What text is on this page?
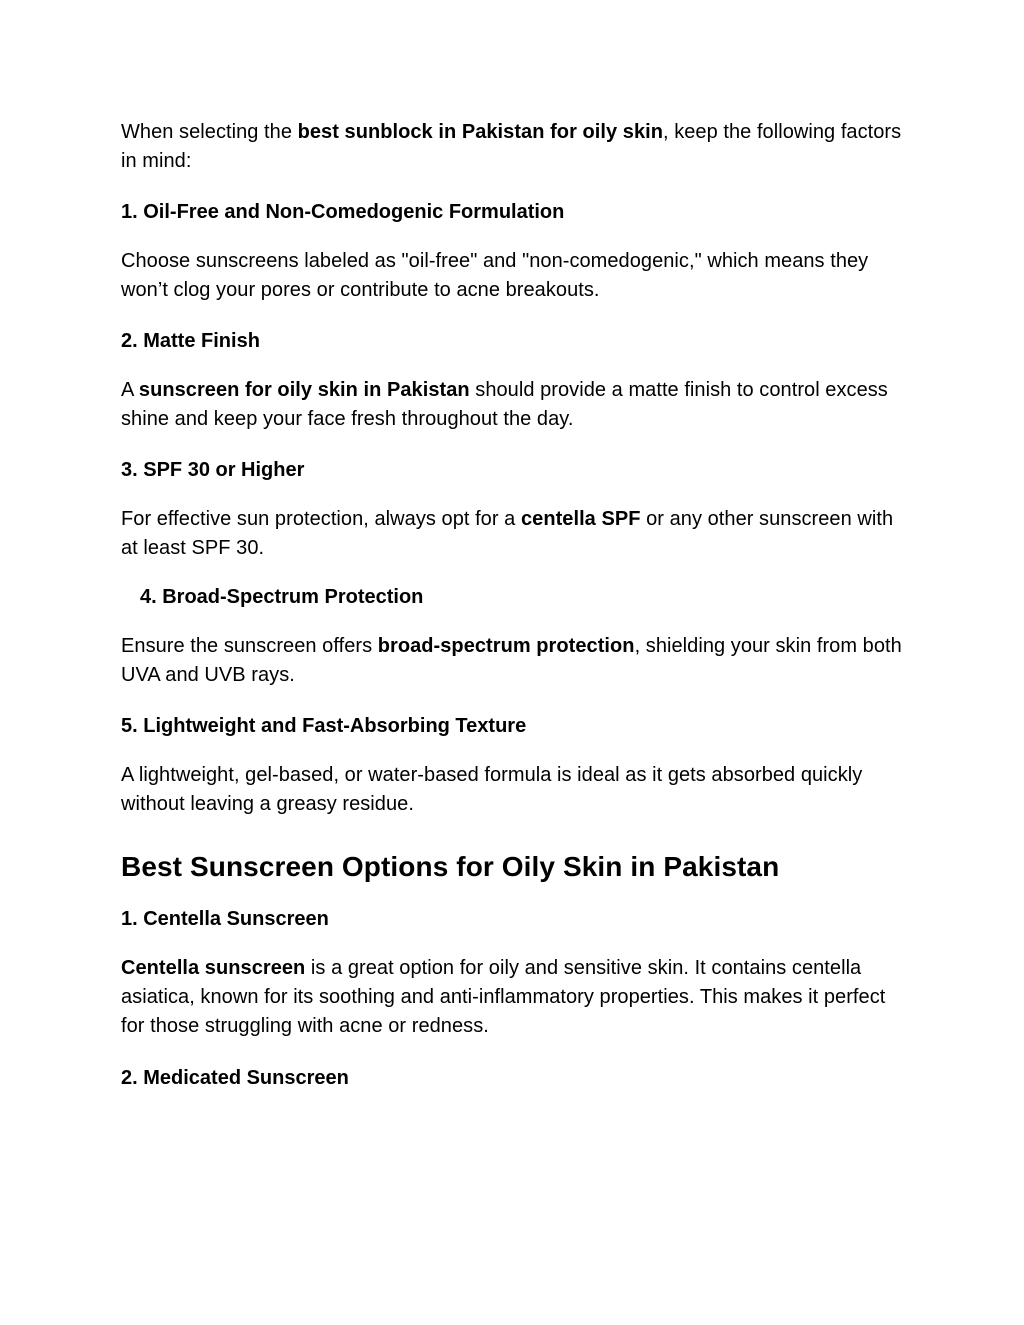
When selecting the best sunblock in Pakistan for oily skin, keep the following factors in mind:

1. Oil-Free and Non-Comedogenic Formulation

Choose sunscreens labeled as "oil-free" and "non-comedogenic," which means they won’t clog your pores or contribute to acne breakouts.

2. Matte Finish

A sunscreen for oily skin in Pakistan should provide a matte finish to control excess shine and keep your face fresh throughout the day.

3. SPF 30 or Higher

For effective sun protection, always opt for a centella SPF or any other sunscreen with at least SPF 30.

4. Broad-Spectrum Protection

Ensure the sunscreen offers broad-spectrum protection, shielding your skin from both UVA and UVB rays.

5. Lightweight and Fast-Absorbing Texture

A lightweight, gel-based, or water-based formula is ideal as it gets absorbed quickly without leaving a greasy residue.

Best Sunscreen Options for Oily Skin in Pakistan
1. Centella Sunscreen

Centella sunscreen is a great option for oily and sensitive skin. It contains centella asiatica, known for its soothing and anti-inflammatory properties. This makes it perfect for those struggling with acne or redness.

2. Medicated Sunscreen
